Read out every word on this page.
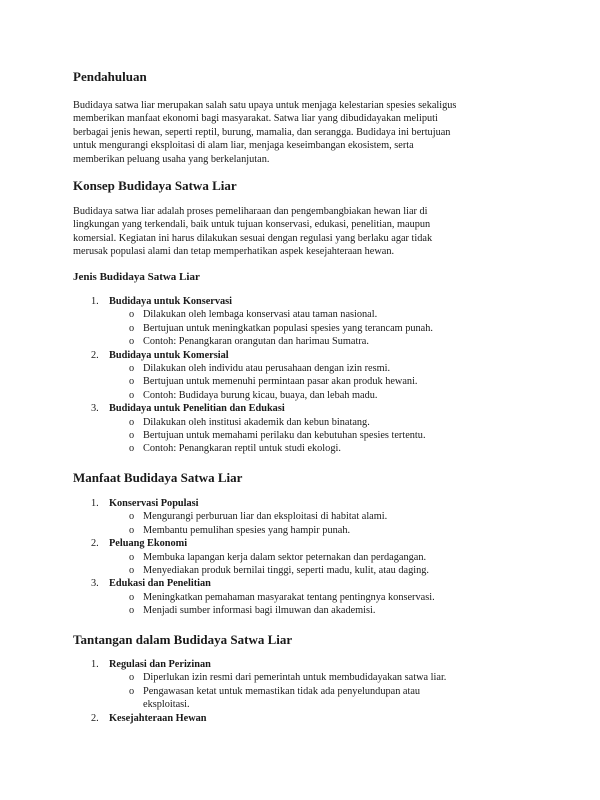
Pendahuluan
Budidaya satwa liar merupakan salah satu upaya untuk menjaga kelestarian spesies sekaligus
memberikan manfaat ekonomi bagi masyarakat. Satwa liar yang dibudidayakan meliputi
berbagai jenis hewan, seperti reptil, burung, mamalia, dan serangga. Budidaya ini bertujuan
untuk mengurangi eksploitasi di alam liar, menjaga keseimbangan ekosistem, serta
memberikan peluang usaha yang berkelanjutan.
Konsep Budidaya Satwa Liar
Budidaya satwa liar adalah proses pemeliharaan dan pengembangbiakan hewan liar di
lingkungan yang terkendali, baik untuk tujuan konservasi, edukasi, penelitian, maupun
komersial. Kegiatan ini harus dilakukan sesuai dengan regulasi yang berlaku agar tidak
merusak populasi alami dan tetap memperhatikan aspek kesejahteraan hewan.
Jenis Budidaya Satwa Liar
1. Budidaya untuk Konservasi
o Dilakukan oleh lembaga konservasi atau taman nasional.
o Bertujuan untuk meningkatkan populasi spesies yang terancam punah.
o Contoh: Penangkaran orangutan dan harimau Sumatra.
2. Budidaya untuk Komersial
o Dilakukan oleh individu atau perusahaan dengan izin resmi.
o Bertujuan untuk memenuhi permintaan pasar akan produk hewani.
o Contoh: Budidaya burung kicau, buaya, dan lebah madu.
3. Budidaya untuk Penelitian dan Edukasi
o Dilakukan oleh institusi akademik dan kebun binatang.
o Bertujuan untuk memahami perilaku dan kebutuhan spesies tertentu.
o Contoh: Penangkaran reptil untuk studi ekologi.
Manfaat Budidaya Satwa Liar
1. Konservasi Populasi
o Mengurangi perburuan liar dan eksploitasi di habitat alami.
o Membantu pemulihan spesies yang hampir punah.
2. Peluang Ekonomi
o Membuka lapangan kerja dalam sektor peternakan dan perdagangan.
o Menyediakan produk bernilai tinggi, seperti madu, kulit, atau daging.
3. Edukasi dan Penelitian
o Meningkatkan pemahaman masyarakat tentang pentingnya konservasi.
o Menjadi sumber informasi bagi ilmuwan dan akademisi.
Tantangan dalam Budidaya Satwa Liar
1. Regulasi dan Perizinan
o Diperlukan izin resmi dari pemerintah untuk membudidayakan satwa liar.
o Pengawasan ketat untuk memastikan tidak ada penyelundupan atau
eksploitasi.
2. Kesejahteraan Hewan
